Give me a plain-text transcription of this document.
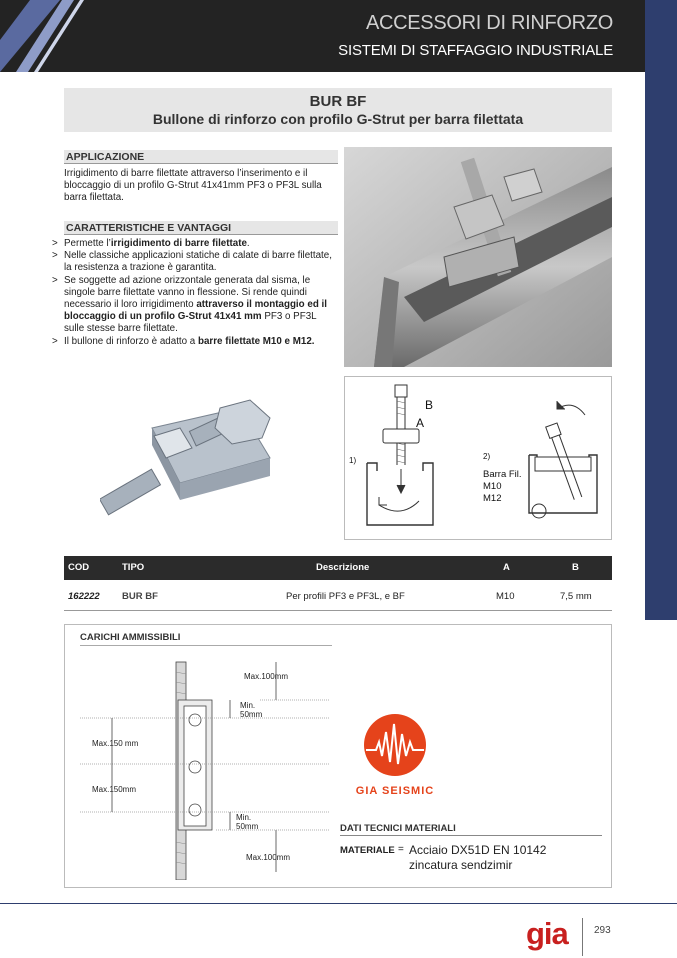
ACCESSORI DI RINFORZO
SISTEMI DI STAFFAGGIO INDUSTRIALE
BUR BF
Bullone di rinforzo con profilo G-Strut per barra filettata
APPLICAZIONE
Irrigidimento di barre filettate attraverso l’inserimento e il bloccaggio di un profilo G-Strut 41x41mm PF3 o PF3L sulla barra filettata.
CARATTERISTICHE E VANTAGGI
> Permette l’irrigidimento di barre filettate.
> Nelle classiche applicazioni statiche di calate di barre filettate, la resistenza a trazione è garantita.
> Se soggette ad azione orizzontale generata dal sisma, le singole barre filettate vanno in flessione. Si rende quindi necessario il loro irrigidimento attraverso il montaggio ed il bloccaggio di un profilo G-Strut 41x41 mm PF3 o PF3L sulle stesse barre filettate.
> Il bullone di rinforzo è adatto a barre filettate M10 e M12.
B
A
1)	2)
Barra Fil.
M10
M12
COD	TIPO	Descrizione	A	B
162222 BUR BF	Per profili PF3 e PF3L, e BF	M10	7,5 mm
CARICHI AMMISSIBILI
Max.100mm
Min.
50mm
Max.150 mm
Max.150mm
Min.
50mm
Max.100mm
GIA SEISMIC
DATI TECNICI MATERIALI
MATERIALE = Acciaio DX51D EN 10142
zincatura sendzimir
gia	293
